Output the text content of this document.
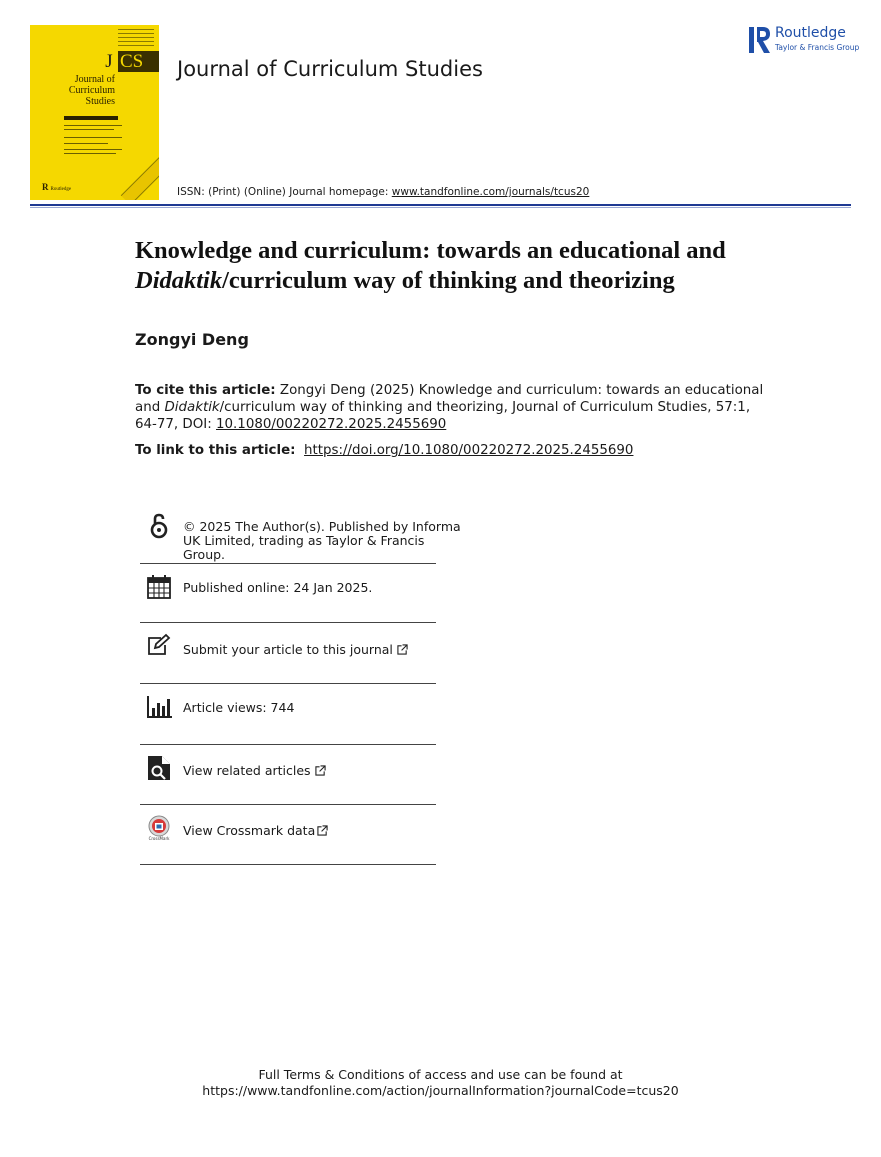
J CS
Journal of
Curriculum
Studies
R Routledge
Journal of Curriculum Studies
ISSN: (Print) (Online) Journal homepage: www.tandfonline.com/journals/tcus20
Routledge
Taylor & Francis Group
Knowledge and curriculum: towards an educational and
Didaktik/curriculum way of thinking and theorizing
Zongyi Deng
To cite this article: Zongyi Deng (2025) Knowledge and curriculum: towards an educational
and Didaktik/curriculum way of thinking and theorizing, Journal of Curriculum Studies, 57:1,
64-77, DOI: 10.1080/00220272.2025.2455690
To link to this article: https://doi.org/10.1080/00220272.2025.2455690
© 2025 The Author(s). Published by Informa
UK Limited, trading as Taylor & Francis
Group.
Published online: 24 Jan 2025.
Submit your article to this journal
Article views: 744
View related articles
CrossMark
View Crossmark data
Full Terms & Conditions of access and use can be found at
https://www.tandfonline.com/action/journalInformation?journalCode=tcus20
